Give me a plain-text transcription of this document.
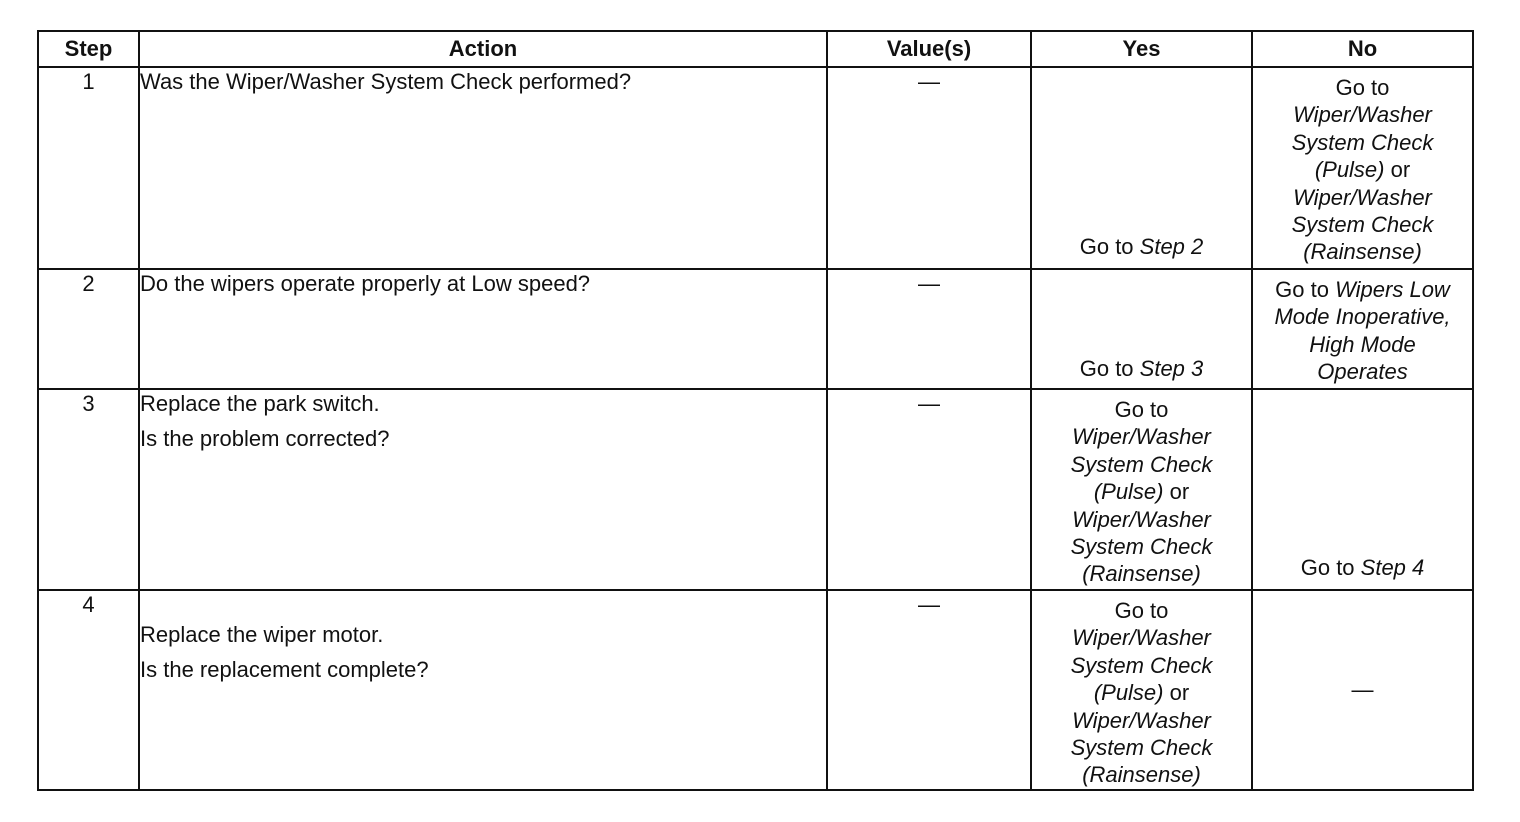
Step	Action	Value(s)	Yes	No
1	Was the Wiper/Washer System Check performed?	—	Go to Step 2	Go to
Wiper/Washer System Check (Pulse) or Wiper/Washer System Check (Rainsense)

2	Do the wipers operate properly at Low speed?	—	Go to Step 3	Go to Wipers Low Mode Inoperative, High Mode Operates

3	Replace the park switch.
Is the problem corrected?	—	Go to
Wiper/Washer System Check (Pulse) or Wiper/Washer System Check (Rainsense)	Go to Step 4

4	Replace the wiper motor.
Is the replacement complete?	—	Go to
Wiper/Washer System Check (Pulse) or Wiper/Washer System Check (Rainsense)	—
